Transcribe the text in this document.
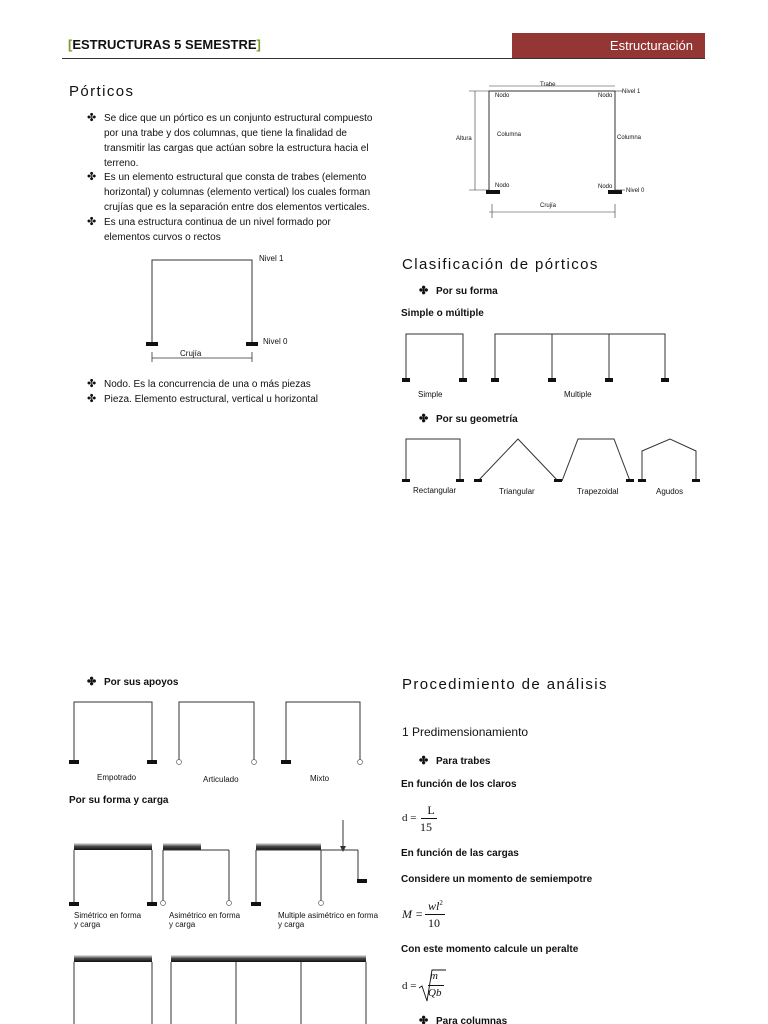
[ESTRUCTURAS 5 SEMESTRE]	Estructuración
Pórticos
✤ Se dice que un pórtico es un conjunto estructural compuesto por una trabe y dos columnas, que tiene la finalidad de transmitir las cargas que actúan sobre la estructura hacia el terreno.
✤ Es un elemento estructural que consta de trabes (elemento horizontal) y columnas (elemento vertical) los cuales forman crujías que es la separación entre dos elementos verticales.
✤ Es una estructura continua de un nivel formado por elementos curvos o rectos
Nivel 1
Nivel 0
Crujía
✤ Nodo. Es la concurrencia de una o más piezas
✤ Pieza. Elemento estructural, vertical u horizontal
Trabe
Nodo	Nodo
Nivel 1
Altura
Columna	Columna
Nodo	Nodo
Nivel 0
Crujía
Clasificación de pórticos
✤ Por su forma
Simple o múltiple
Simple	Multiple
✤ Por su geometría
Rectangular	Triangular	Trapezoidal	Agudos
✤ Por sus apoyos
Empotrado	Articulado	Mixto
Por su forma y carga
Simétrico en forma
y carga
Asimétrico en forma
y carga
Multiple asimétrico en forma
y carga
Procedimiento de análisis
1 Predimensionamiento
✤ Para trabes
En función de los claros
d =
L
15
En función de las cargas
Considere un momento de semiempotre
M =
$wl^2$
10
Con este momento calcule un peralte
d =
m
Qb
✤ Para columnas
